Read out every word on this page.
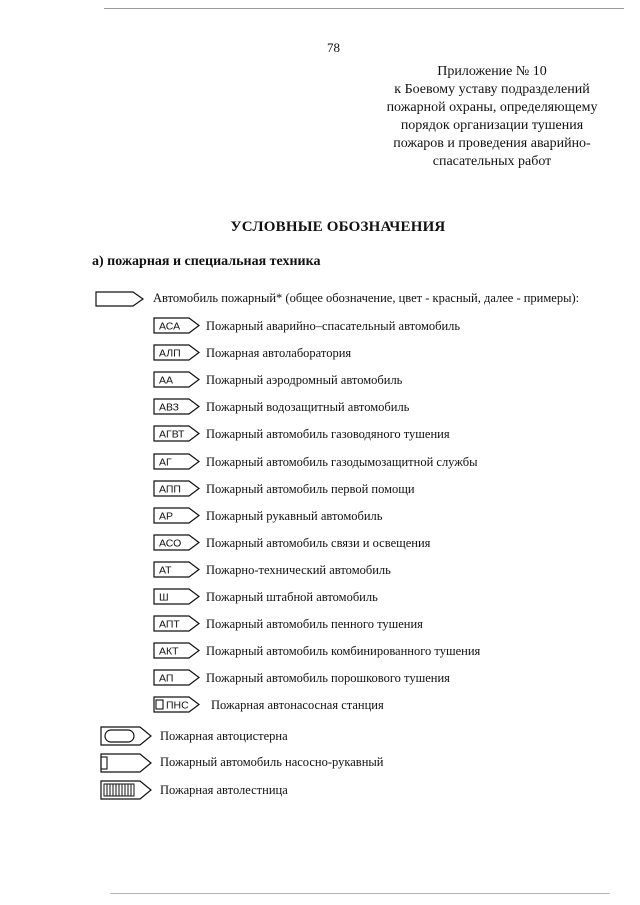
78
Приложение № 10
к Боевому уставу подразделений
пожарной охраны, определяющему
порядок организации тушения
пожаров и проведения аварийно-
спасательных работ
УСЛОВНЫЕ ОБОЗНАЧЕНИЯ
а) пожарная и специальная техника
Автомобиль пожарный* (общее обозначение, цвет - красный, далее - примеры):
АСА Пожарный аварийно–спасательный автомобиль
АЛП Пожарная автолаборатория
АА	Пожарный аэродромный автомобиль
АВЗ Пожарный водозащитный автомобиль
АГВТ Пожарный автомобиль газоводяного тушения
АГ	Пожарный автомобиль газодымозащитной службы
АПП Пожарный автомобиль первой помощи
АР	Пожарный рукавный автомобиль
АСО Пожарный автомобиль связи и освещения
АТ	Пожарно-технический автомобиль
Ш	Пожарный штабной автомобиль
АПТ Пожарный автомобиль пенного тушения
АКТ Пожарный автомобиль комбинированного тушения
АП	Пожарный автомобиль порошкового тушения
ПНС Пожарная автонасосная станция
Пожарная автоцистерна
Пожарный автомобиль насосно-рукавный
Пожарная автолестница
